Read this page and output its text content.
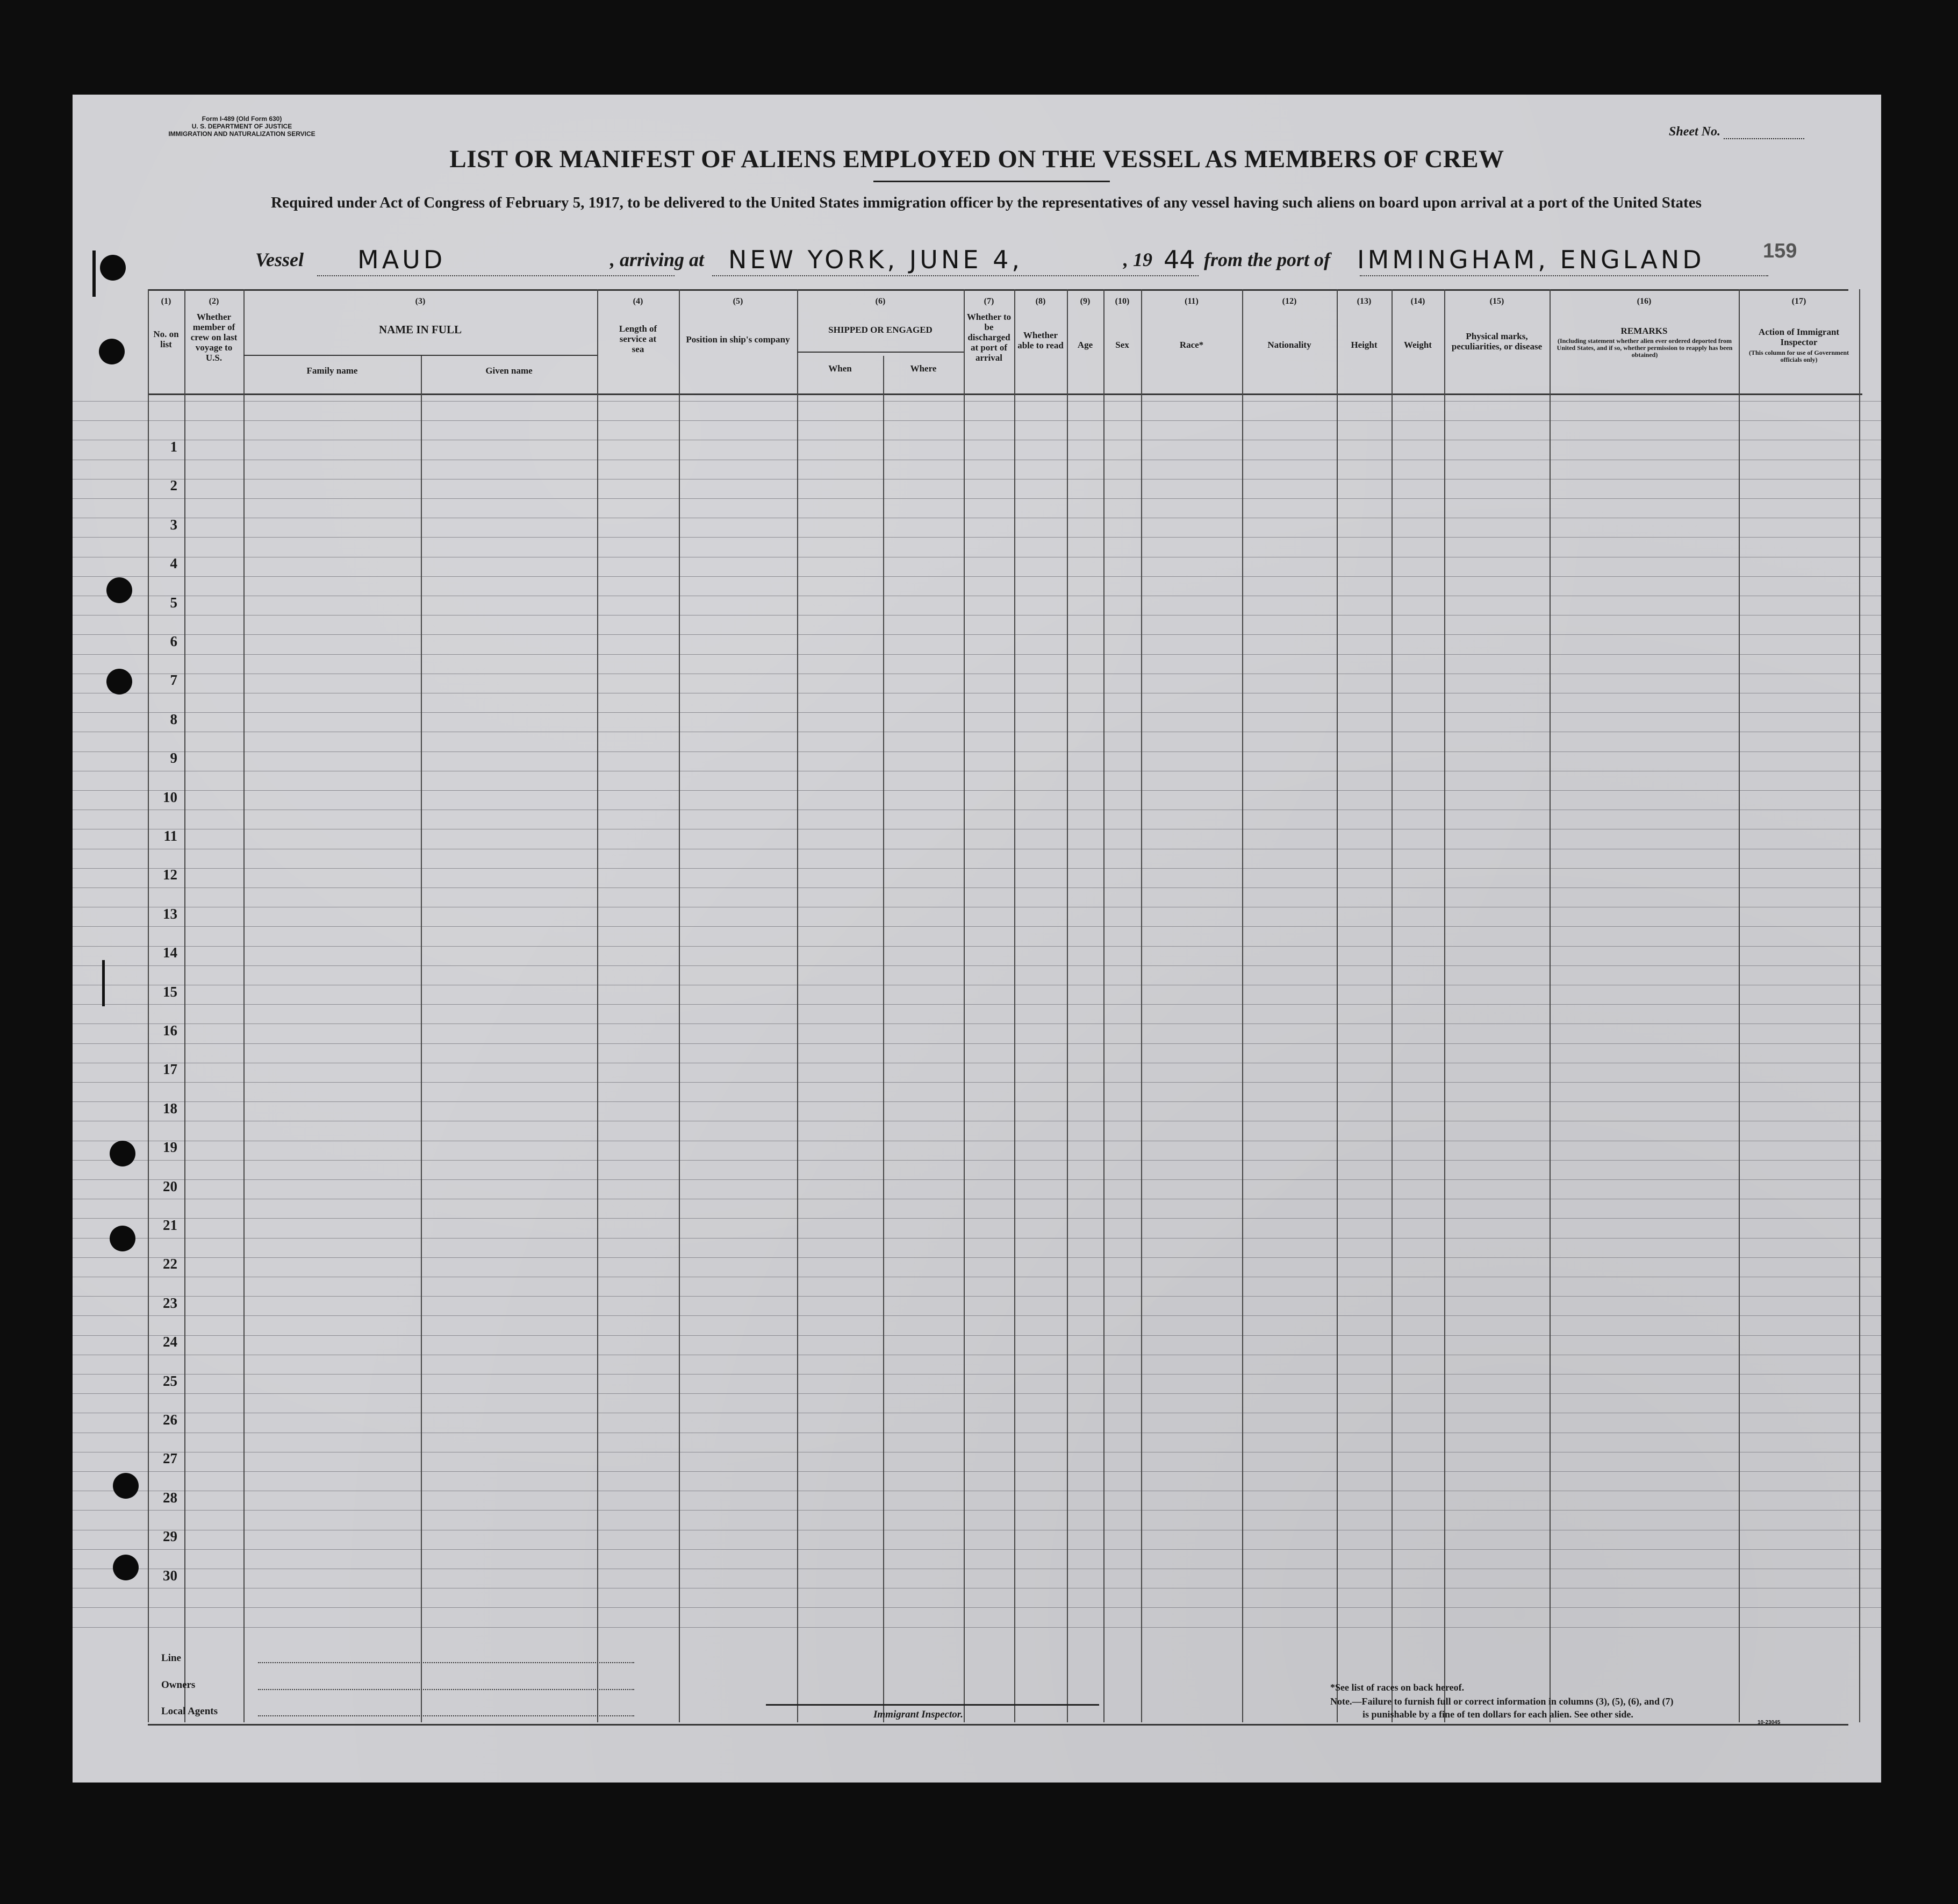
Form I-489 (Old Form 630)
U. S. DEPARTMENT OF JUSTICE
IMMIGRATION AND NATURALIZATION SERVICE	Sheet No.
LIST OR MANIFEST OF ALIENS EMPLOYED ON THE VESSEL AS MEMBERS OF CREW
Required under Act of Congress of February 5, 1917, to be delivered to the United States immigration officer by the representatives of any vessel having such aliens on board upon arrival at a port of the United States
159
Vessel MAUD	, arriving at NEW YORK, JUNE 4,	, 19 44 from the port of IMMINGHAM, ENGLAND
1
2
3
4
5
6
7
8
9
10
11
12
13
14
15
16
17
18
19
20
21
22
23
24
25
26
27
28
29
30
(1)
No. on list
(2)
Whether member of crew on last voyage to U.S.
(3)
NAME IN FULL
Family name	Given name
(4)
Length of service at sea
(5)
Position in ship's company
(6)
SHIPPED OR ENGAGED
When	Where
(7)
Whether to be discharged at port of arrival
(8)
Whether able to read
(9)
Age
(10)
Sex
(11)
Race*
(12)
Nationality
(13)
Height
(14)
Weight
(15)
Physical marks, peculiarities, or disease
(16)
REMARKS
(Including statement whether alien ever ordered deported from United States, and if so, whether permission to reapply has been obtained)
(17)
Action of Immigrant Inspector
(This column for use of Government officials only)
Line
Owners
Local Agents	Immigrant Inspector.
*See list of races on back hereof.
Note.—Failure to furnish full or correct information in columns (3), (5), (6), and (7)
is punishable by a fine of ten dollars for each alien. See other side.
10-23045
